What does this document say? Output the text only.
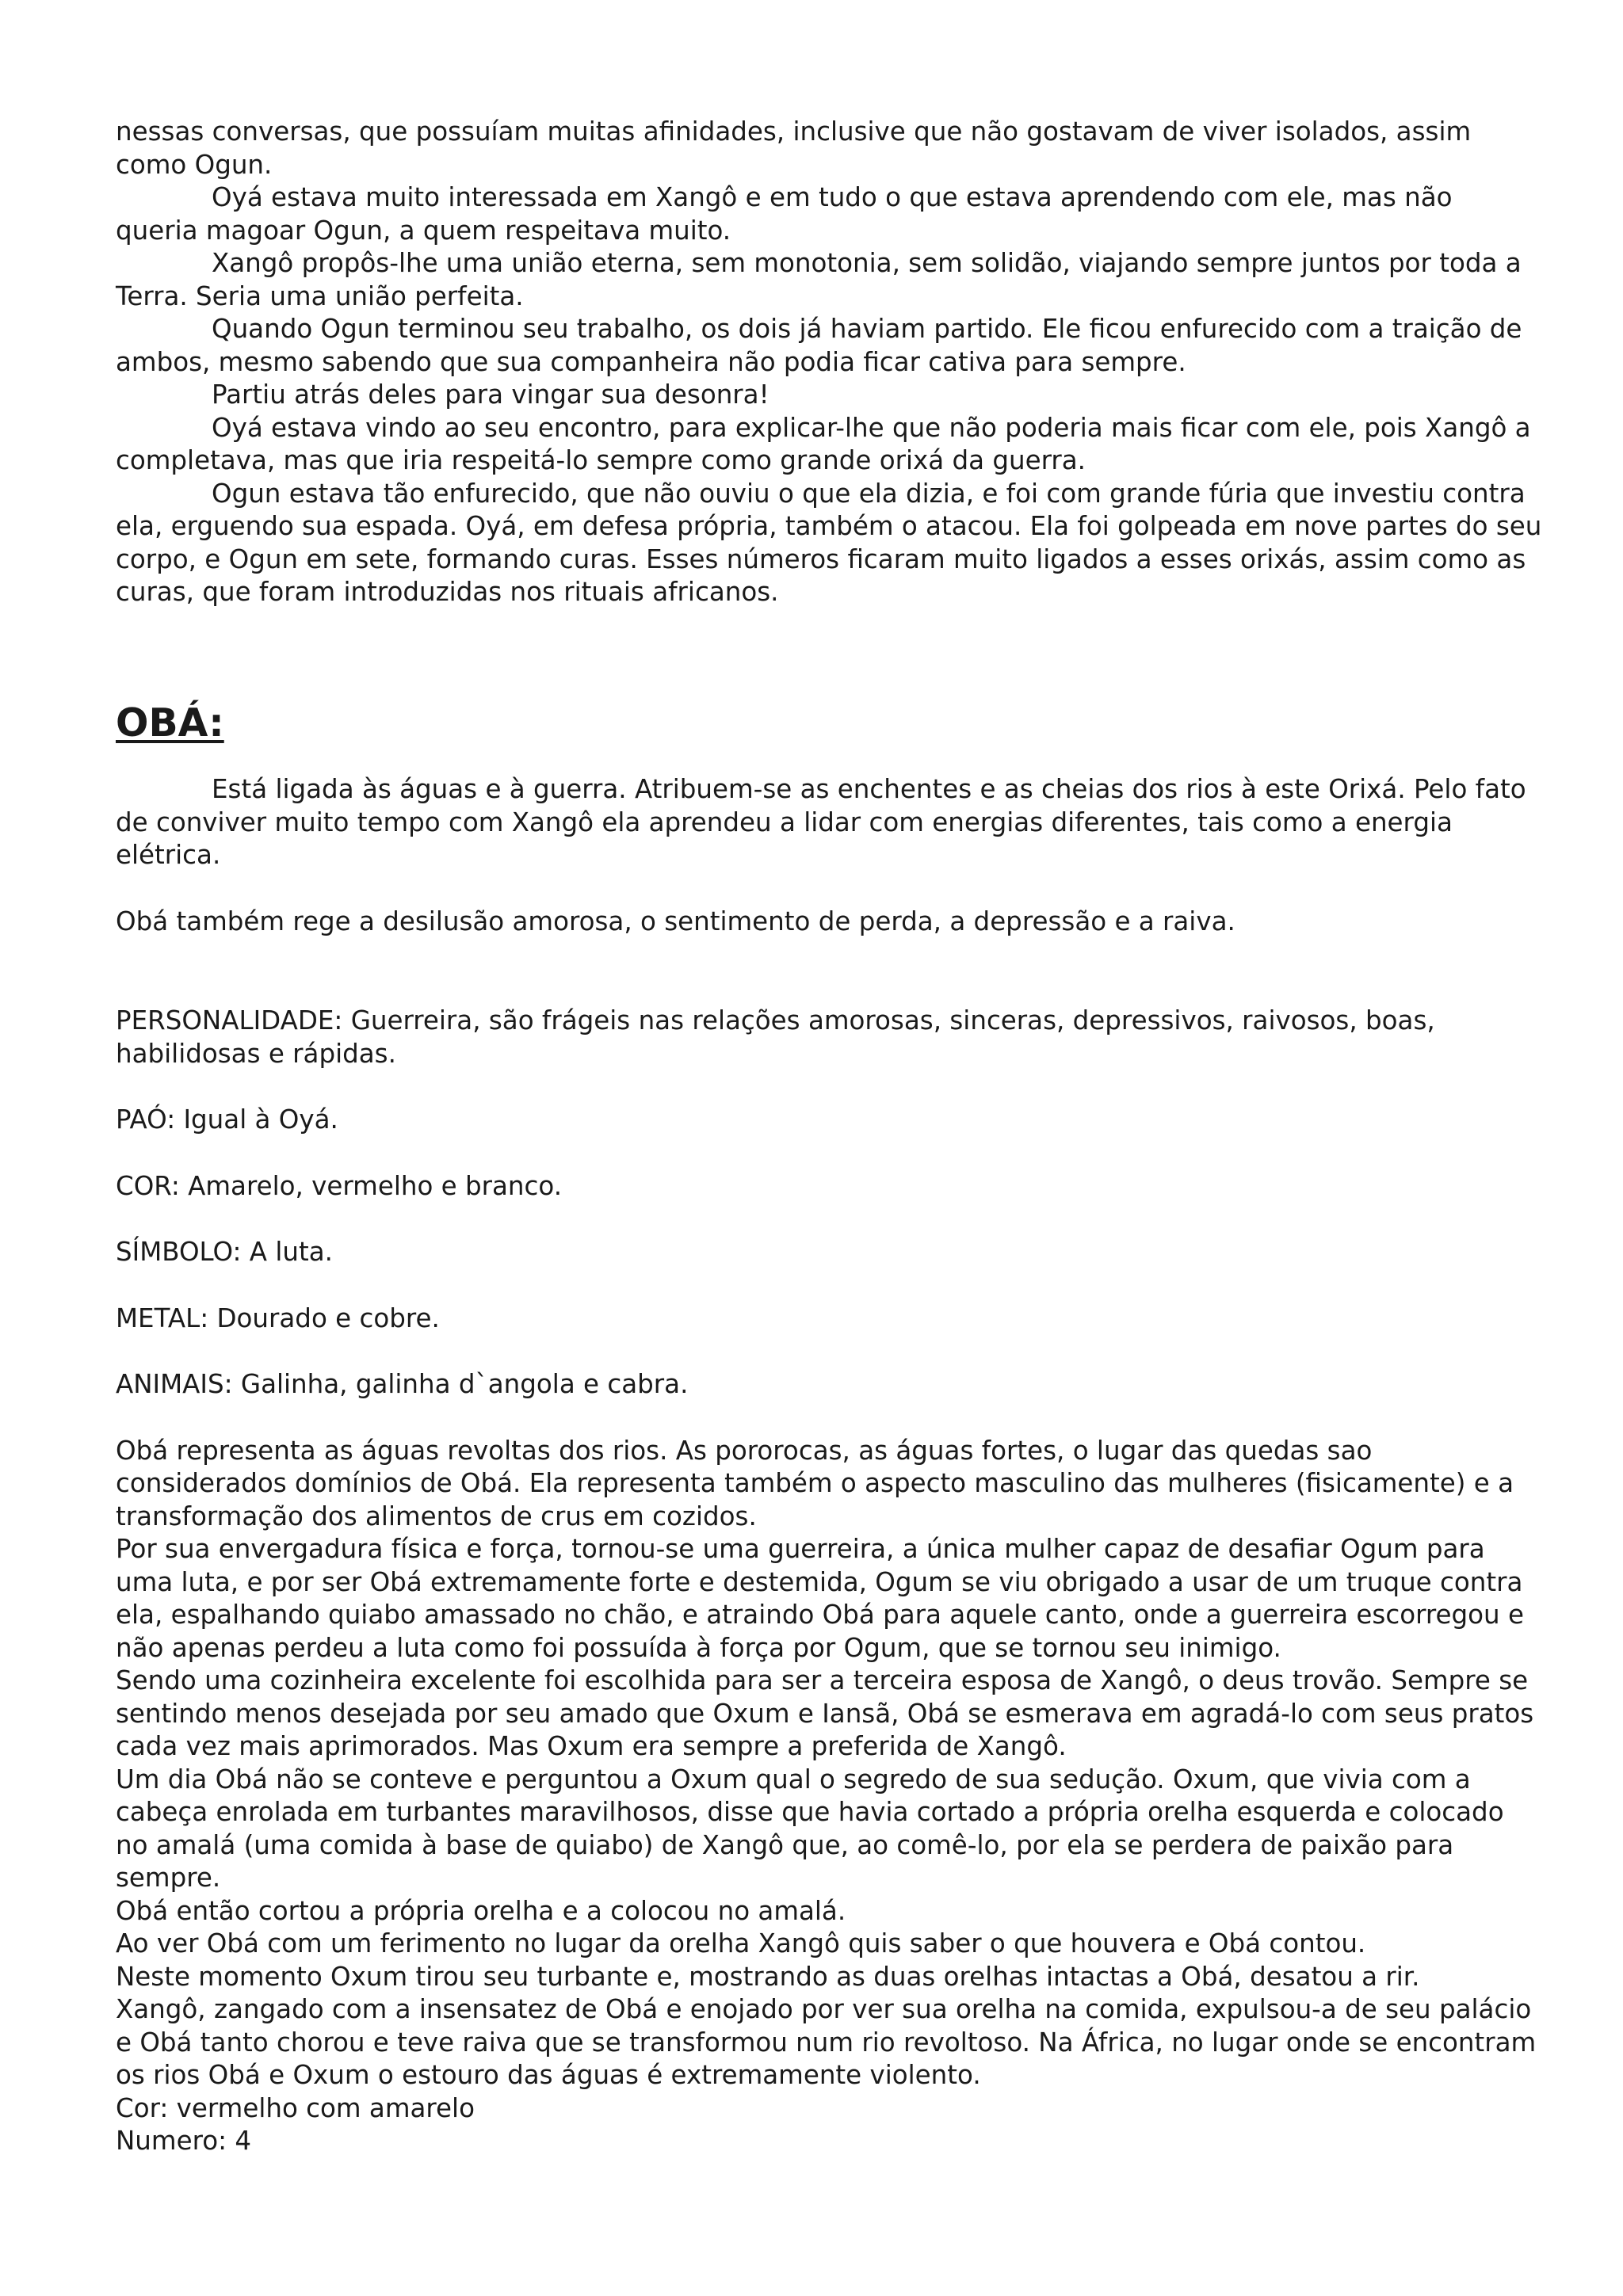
nessas conversas, que possuíam muitas afinidades, inclusive que não gostavam de viver isolados, assim como Ogun.

Oyá estava muito interessada em Xangô e em tudo o que estava aprendendo com ele, mas não queria magoar Ogun, a quem respeitava muito.

Xangô propôs-lhe uma união eterna, sem monotonia, sem solidão, viajando sempre juntos por toda a Terra. Seria uma união perfeita.

Quando Ogun terminou seu trabalho, os dois já haviam partido. Ele ficou enfurecido com a traição de ambos, mesmo sabendo que sua companheira não podia ficar cativa para sempre.

Partiu atrás deles para vingar sua desonra!

Oyá estava vindo ao seu encontro, para explicar-lhe que não poderia mais ficar com ele, pois Xangô a completava, mas que iria respeitá-lo sempre como grande orixá da guerra.

Ogun estava tão enfurecido, que não ouviu o que ela dizia, e foi com grande fúria que investiu contra ela, erguendo sua espada. Oyá, em defesa própria, também o atacou. Ela foi golpeada em nove partes do seu corpo, e Ogun em sete, formando curas. Esses números ficaram muito ligados a esses orixás, assim como as curas, que foram introduzidas nos rituais africanos.

OBÁ:

Está ligada às águas e à guerra. Atribuem-se as enchentes e as cheias dos rios à este Orixá. Pelo fato de conviver muito tempo com Xangô ela aprendeu a lidar com energias diferentes, tais como a energia elétrica.

Obá também rege a desilusão amorosa, o sentimento de perda, a depressão e a raiva.

PERSONALIDADE: Guerreira, são frágeis nas relações amorosas, sinceras, depressivos, raivosos, boas, habilidosas e rápidas.

PAÓ: Igual à Oyá.

COR: Amarelo, vermelho e branco.

SÍMBOLO: A luta.

METAL: Dourado e cobre.

ANIMAIS: Galinha, galinha d`angola e cabra.

Obá representa as águas revoltas dos rios. As pororocas, as águas fortes, o lugar das quedas sao considerados domínios de Obá. Ela representa também o aspecto masculino das mulheres (fisicamente) e a transformação dos alimentos de crus em cozidos.

Por sua envergadura física e força, tornou-se uma guerreira, a única mulher capaz de desafiar Ogum para uma luta, e por ser Obá extremamente forte e destemida, Ogum se viu obrigado a usar de um truque contra ela, espalhando quiabo amassado no chão, e atraindo Obá para aquele canto, onde a guerreira escorregou e não apenas perdeu a luta como foi possuída à força por Ogum, que se tornou seu inimigo.

Sendo uma cozinheira excelente foi escolhida para ser a terceira esposa de Xangô, o deus trovão. Sempre se sentindo menos desejada por seu amado que Oxum e Iansã, Obá se esmerava em agradá-lo com seus pratos cada vez mais aprimorados. Mas Oxum era sempre a preferida de Xangô.

Um dia Obá não se conteve e perguntou a Oxum qual o segredo de sua sedução. Oxum, que vivia com a cabeça enrolada em turbantes maravilhosos, disse que havia cortado a própria orelha esquerda e colocado no amalá (uma comida à base de quiabo) de Xangô que, ao comê-lo, por ela se perdera de paixão para sempre.

Obá então cortou a própria orelha e a colocou no amalá.

Ao ver Obá com um ferimento no lugar da orelha Xangô quis saber o que houvera e Obá contou.

Neste momento Oxum tirou seu turbante e, mostrando as duas orelhas intactas a Obá, desatou a rir.

Xangô, zangado com a insensatez de Obá e enojado por ver sua orelha na comida, expulsou-a de seu palácio e Obá tanto chorou e teve raiva que se transformou num rio revoltoso. Na África, no lugar onde se encontram os rios Obá e Oxum o estouro das águas é extremamente violento.

Cor: vermelho com amarelo

Numero: 4
